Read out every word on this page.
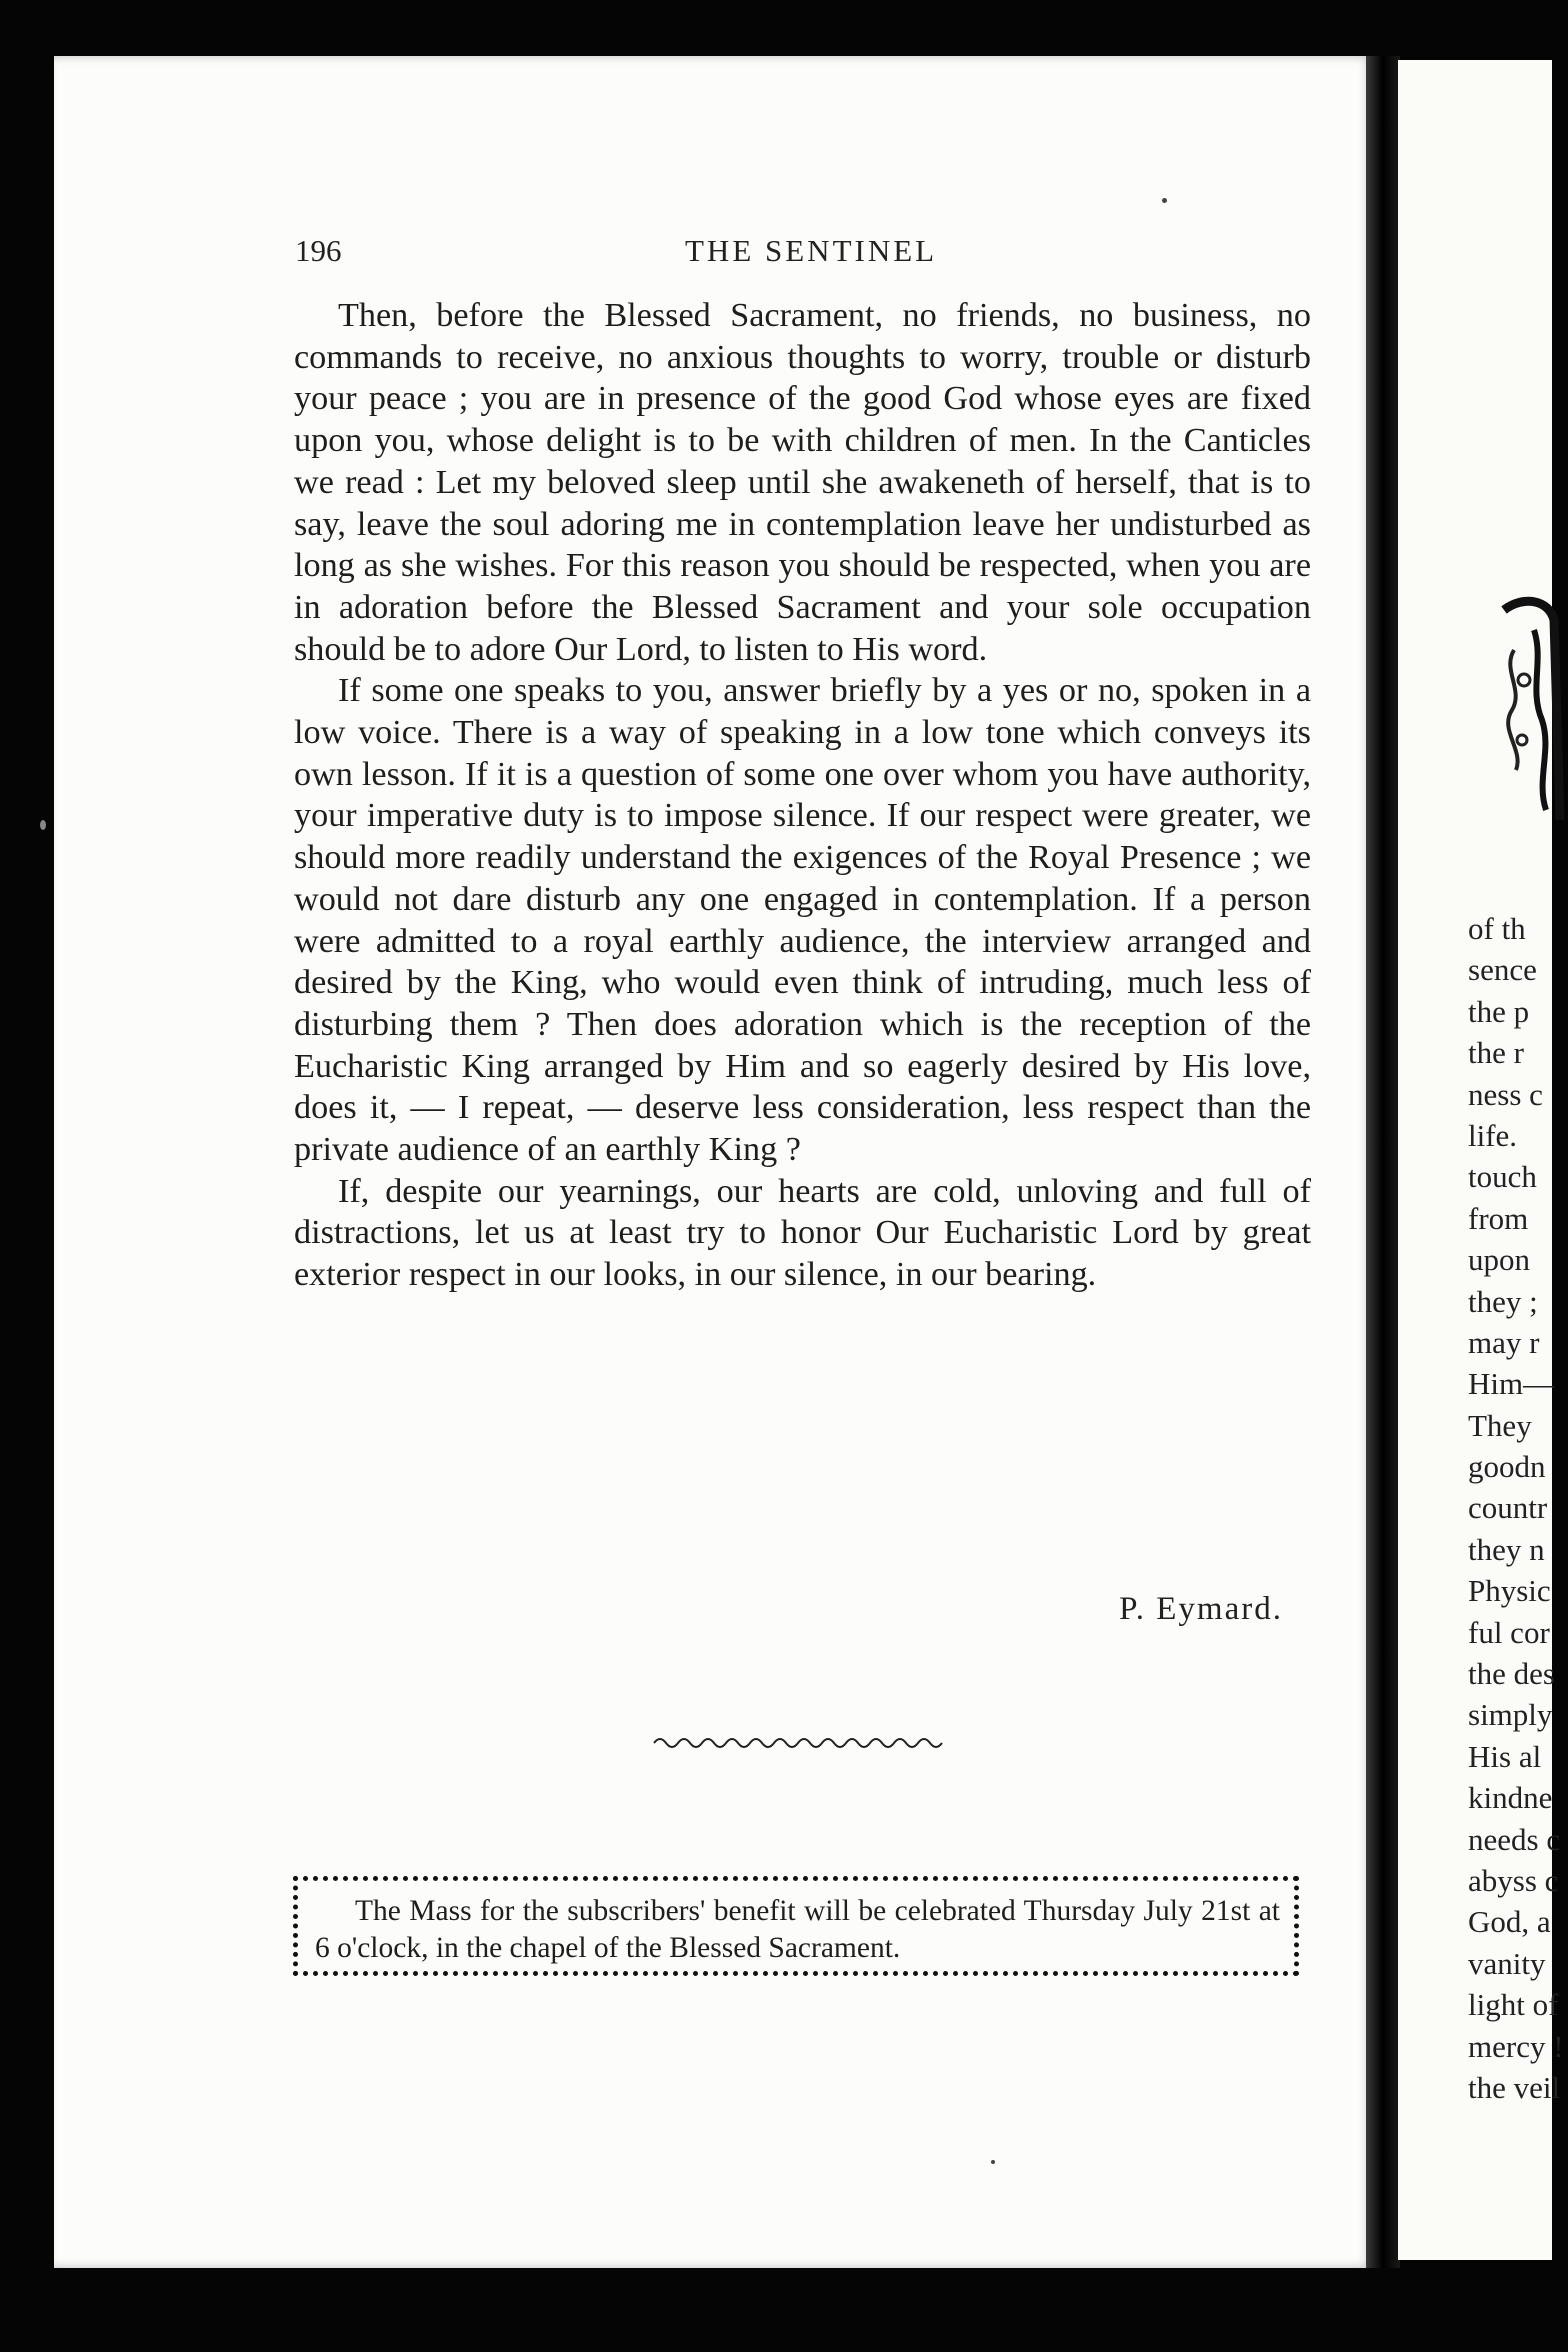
196	THE SENTINEL

Then, before the Blessed Sacrament, no friends, no business, no commands to receive, no anxious thoughts to worry, trouble or disturb your peace ; you are in presence of the good God whose eyes are fixed upon you, whose delight is to be with children of men. In the Canticles we read : Let my beloved sleep until she awakeneth of herself, that is to say, leave the soul adoring me in contemplation leave her undisturbed as long as she wishes. For this reason you should be respected, when you are in adoration before the Blessed Sacrament and your sole occupation should be to adore Our Lord, to listen to His word.

If some one speaks to you, answer briefly by a yes or no, spoken in a low voice. There is a way of speaking in a low tone which conveys its own lesson. If it is a question of some one over whom you have authority, your imperative duty is to impose silence. If our respect were greater, we should more readily understand the exigences of the Royal Presence ; we would not dare disturb any one engaged in contemplation. If a person were admitted to a royal earthly audience, the interview arranged and desired by the King, who would even think of intruding, much less of disturbing them ? Then does adoration which is the reception of the Eucharistic King arranged by Him and so eagerly desired by His love, does it, — I repeat, — deserve less consideration, less respect than the private audience of an earthly King ?

If, despite our yearnings, our hearts are cold, unloving and full of distractions, let us at least try to honor Our Eucharistic Lord by great exterior respect in our looks, in our silence, in our bearing.

P. Eymard.

The Mass for the subscribers' benefit will be celebrated Thursday July 21st at 6 o'clock, in the chapel of the Blessed Sacrament.

of th
sence
the p
the r
ness c
life.
touch
from
upon
they ;
may r
Him—
They
goodn
countr
they n
Physic
ful cor
the des
simply
His al
kindne
needs c
abyss c
God, a
vanity
light of
mercy !
the veil
